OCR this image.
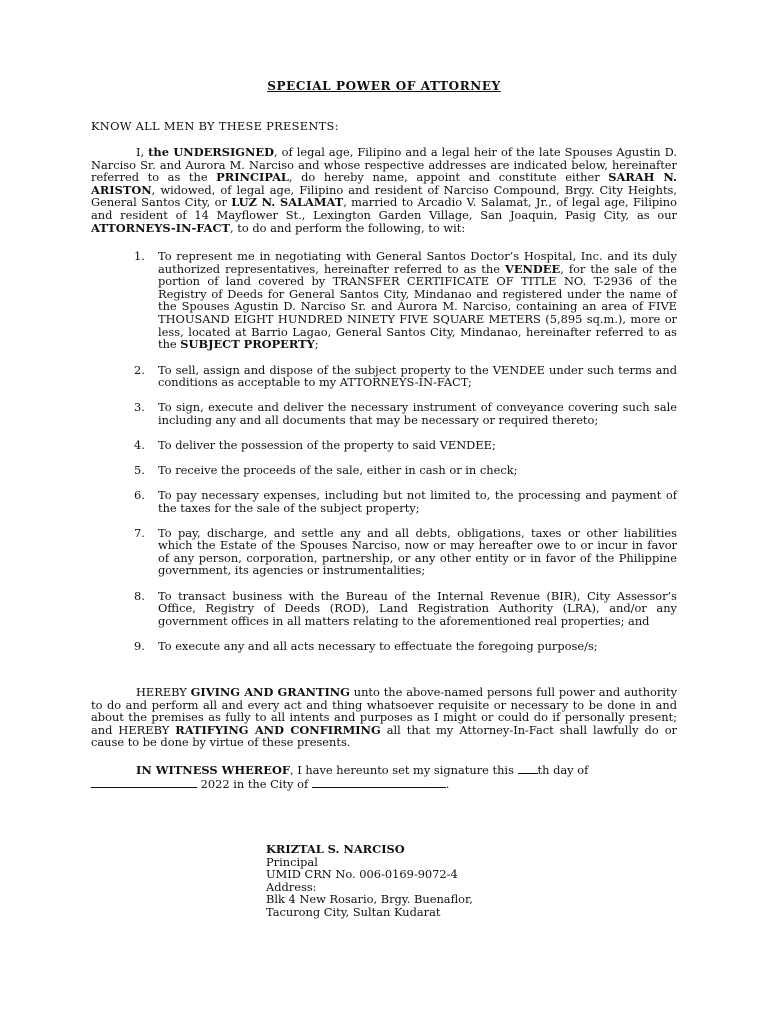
SPECIAL POWER OF ATTORNEY
KNOW ALL MEN BY THESE PRESENTS:
I, the UNDERSIGNED, of legal age, Filipino and a legal heir of the late Spouses Agustin D. Narciso Sr. and Aurora M. Narciso and whose respective addresses are indicated below, hereinafter referred to as the PRINCIPAL, do hereby name, appoint and constitute either SARAH N. ARISTON, widowed, of legal age, Filipino and resident of Narciso Compound, Brgy. City Heights, General Santos City, or LUZ N. SALAMAT, married to Arcadio V. Salamat, Jr., of legal age, Filipino and resident of 14 Mayflower St., Lexington Garden Village, San Joaquin, Pasig City, as our ATTORNEYS-IN-FACT, to do and perform the following, to wit:
1. To represent me in negotiating with General Santos Doctor’s Hospital, Inc. and its duly authorized representatives, hereinafter referred to as the VENDEE, for the sale of the portion of land covered by TRANSFER CERTIFICATE OF TITLE NO. T-2936 of the Registry of Deeds for General Santos City, Mindanao and registered under the name of the Spouses Agustin D. Narciso Sr. and Aurora M. Narciso, containing an area of FIVE THOUSAND EIGHT HUNDRED NINETY FIVE SQUARE METERS (5,895 sq.m.), more or less, located at Barrio Lagao, General Santos City, Mindanao, hereinafter referred to as the SUBJECT PROPERTY;
2. To sell, assign and dispose of the subject property to the VENDEE under such terms and conditions as acceptable to my ATTORNEYS-IN-FACT;
3. To sign, execute and deliver the necessary instrument of conveyance covering such sale including any and all documents that may be necessary or required thereto;
4. To deliver the possession of the property to said VENDEE;
5. To receive the proceeds of the sale, either in cash or in check;
6. To pay necessary expenses, including but not limited to, the processing and payment of the taxes for the sale of the subject property;
7. To pay, discharge, and settle any and all debts, obligations, taxes or other liabilities which the Estate of the Spouses Narciso, now or may hereafter owe to or incur in favor of any person, corporation, partnership, or any other entity or in favor of the Philippine government, its agencies or instrumentalities;
8. To transact business with the Bureau of the Internal Revenue (BIR), City Assessor’s Office, Registry of Deeds (ROD), Land Registration Authority (LRA), and/or any government offices in all matters relating to the aforementioned real properties; and
9. To execute any and all acts necessary to effectuate the foregoing purpose/s;
HEREBY GIVING AND GRANTING unto the above-named persons full power and authority to do and perform all and every act and thing whatsoever requisite or necessary to be done in and about the premises as fully to all intents and purposes as I might or could do if personally present; and HEREBY RATIFYING AND CONFIRMING all that my Attorney-In-Fact shall lawfully do or cause to be done by virtue of these presents.
IN WITNESS WHEREOF, I have hereunto set my signature this th day of
2022 in the City of	.
KRIZTAL S. NARCISO
Principal
UMID CRN No. 006-0169-9072-4
Address:
Blk 4 New Rosario, Brgy. Buenaflor,
Tacurong City, Sultan Kudarat
